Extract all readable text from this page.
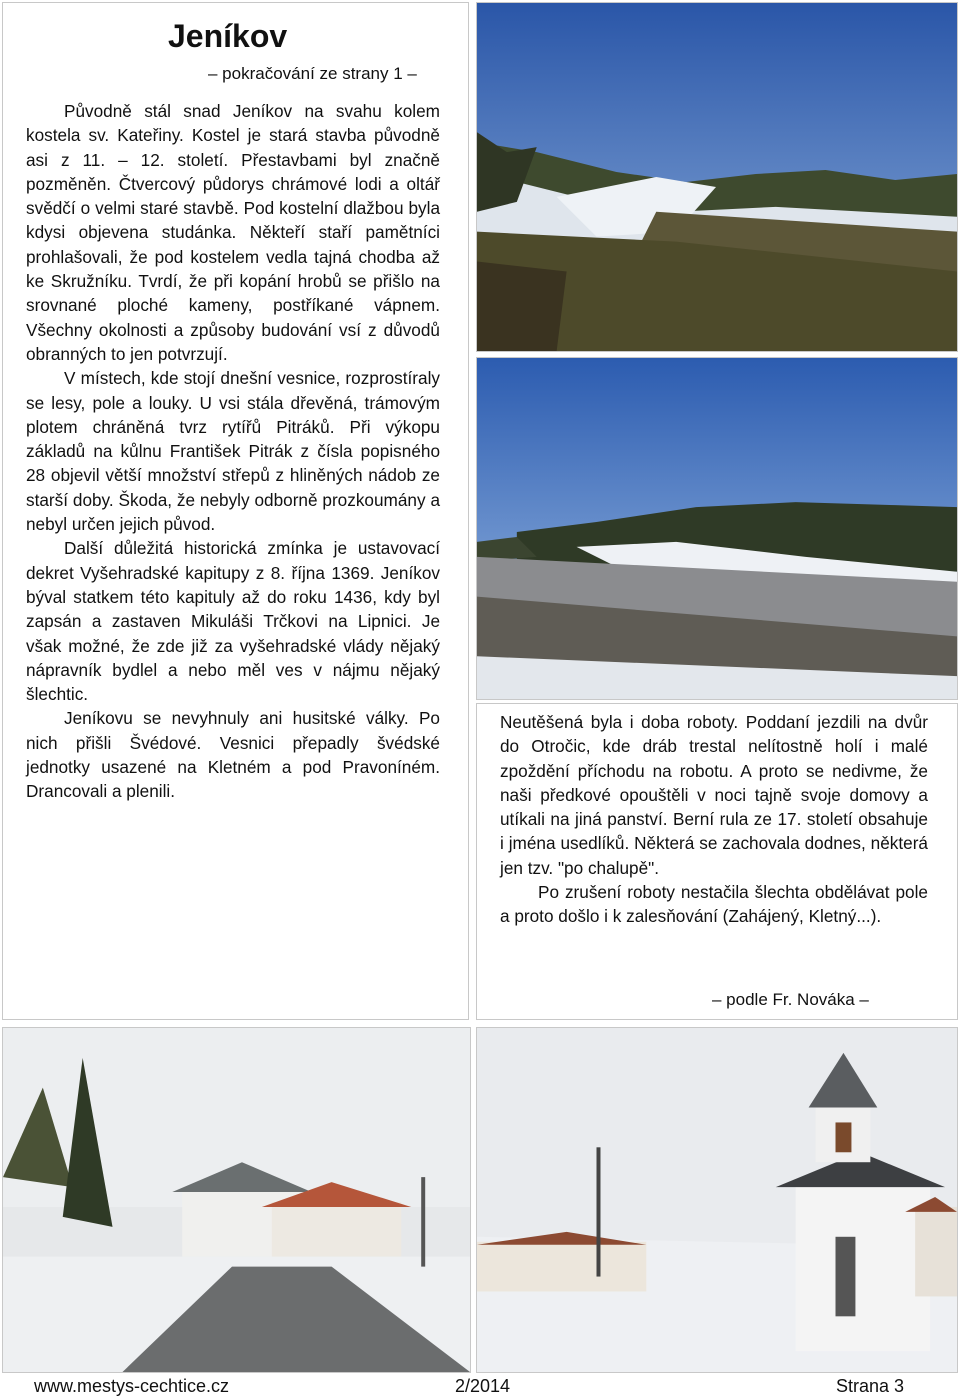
Jeníkov
– pokračování ze strany 1 –

Původně stál snad Jeníkov na svahu kolem kostela sv. Kateřiny. Kostel je stará stavba původně asi z 11. – 12. století. Přestavbami byl značně pozměněn. Čtvercový půdorys chrámové lodi a oltář svědčí o velmi staré stavbě. Pod kostelní dlažbou byla kdysi objevena studánka. Někteří staří pamětníci prohlašovali, že pod kostelem vedla tajná chodba až ke Skružníku. Tvrdí, že při kopání hrobů se přišlo na srovnané ploché kameny, postříkané vápnem. Všechny okolnosti a způsoby budování vsí z důvodů obranných to jen potvrzují.

V místech, kde stojí dnešní vesnice, rozprostíraly se lesy, pole a louky. U vsi stála dřevěná, trámovým plotem chráněná tvrz rytířů Pitráků. Při výkopu základů na kůlnu František Pitrák z čísla popisného 28 objevil větší množství střepů z hliněných nádob ze starší doby. Škoda, že nebyly odborně prozkoumány a nebyl určen jejich původ.

Další důležitá historická zmínka je ustavovací dekret Vyšehradské kapitupy z 8. října 1369. Jeníkov býval statkem této kapituly až do roku 1436, kdy byl zapsán a zastaven Mikuláši Trčkovi na Lipnici. Je však možné, že zde již za vyšehradské vlády nějaký nápravník bydlel a nebo měl ves v nájmu nějaký šlechtic.

Jeníkovu se nevyhnuly ani husitské války. Po nich přišli Švédové. Vesnici přepadly švédské jednotky usazené na Kletném a pod Pravoníném. Drancovali a plenili.

Neutěšená byla i doba roboty. Poddaní jezdili na dvůr do Otročic, kde dráb trestal nelítostně holí i malé zpoždění příchodu na robotu. A proto se nedivme, že naši předkové opouštěli v noci tajně svoje domovy a utíkali na jiná panství. Berní rula ze 17. století obsahuje i jména usedlíků. Některá se zachovala dodnes, některá jen tzv. "po chalupě".

Po zrušení roboty nestačila šlechta obdělávat pole a proto došlo i k zalesňování (Zahájený, Kletný...).

– podle Fr. Nováka –
www.mestys-cechtice.cz	2/2014	Strana 3
